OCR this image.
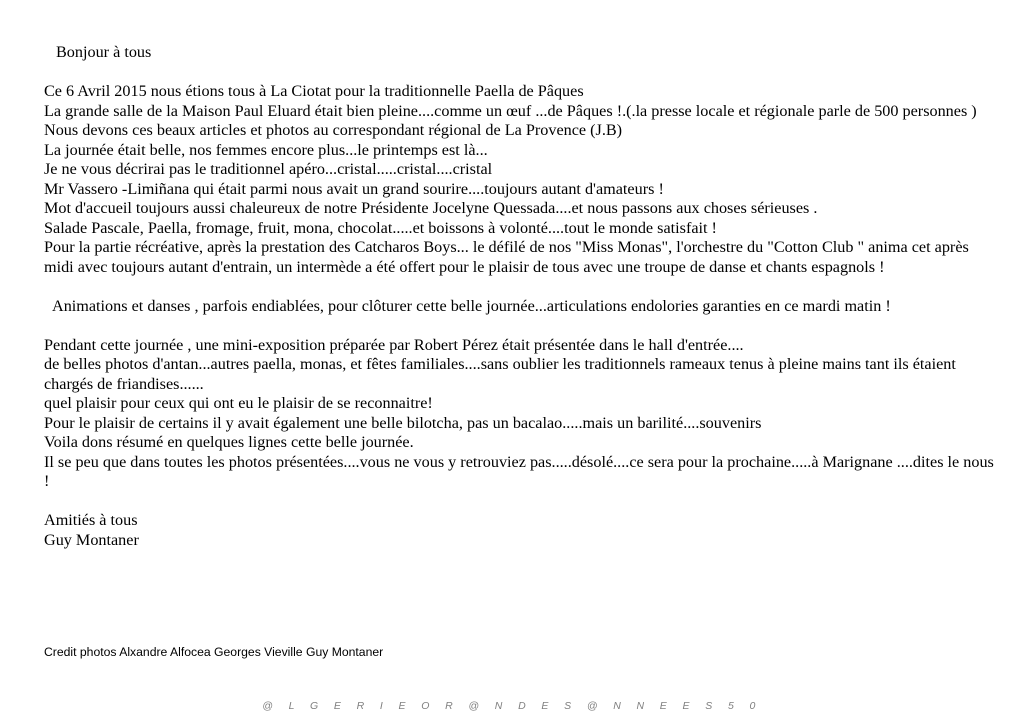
Bonjour à tous

Ce 6 Avril 2015 nous étions tous à La Ciotat pour la traditionnelle Paella de Pâques

La grande salle de la Maison Paul Eluard était bien pleine....comme un œuf ...de Pâques !.(.la presse locale et régionale parle de 500 personnes )

Nous devons ces beaux articles et photos au correspondant régional de La Provence (J.B)

La journée était belle, nos femmes encore plus...le printemps est là...

Je ne vous décrirai pas le traditionnel apéro...cristal.....cristal....cristal

Mr Vassero -Limiñana qui était parmi nous avait un grand sourire....toujours autant d'amateurs !

Mot d'accueil toujours aussi chaleureux de notre Présidente Jocelyne Quessada....et nous passons aux choses sérieuses .

Salade Pascale, Paella, fromage, fruit, mona, chocolat.....et boissons à volonté....tout le monde satisfait !

Pour la partie récréative, après la prestation des Catcharos Boys... le défilé de nos "Miss Monas", l'orchestre du "Cotton Club " anima cet après midi avec toujours autant d'entrain, un intermède a été offert pour le plaisir de tous avec une troupe de danse et chants espagnols !

Animations et danses , parfois endiablées, pour clôturer cette belle journée...articulations endolories garanties en ce mardi matin !

Pendant cette journée , une mini-exposition préparée par Robert Pérez était présentée dans le hall d'entrée....

de belles photos d'antan...autres paella, monas, et fêtes familiales....sans oublier les traditionnels rameaux tenus à pleine mains tant ils étaient chargés de friandises......

quel plaisir pour ceux qui ont eu le plaisir de se reconnaitre!

Pour le plaisir de certains il y avait également une belle bilotcha, pas un bacalao.....mais un barilité....souvenirs

Voila dons résumé en quelques lignes cette belle journée.

Il se peu que dans toutes les photos présentées....vous ne vous y retrouviez pas.....désolé....ce sera pour la prochaine.....à Marignane ....dites le nous !

Amitiés à tous

Guy Montaner

Credit photos Alxandre Alfocea Georges Vieville Guy Montaner
@ L G E R I E O R @ N D E S @ N N E E S 5 0
